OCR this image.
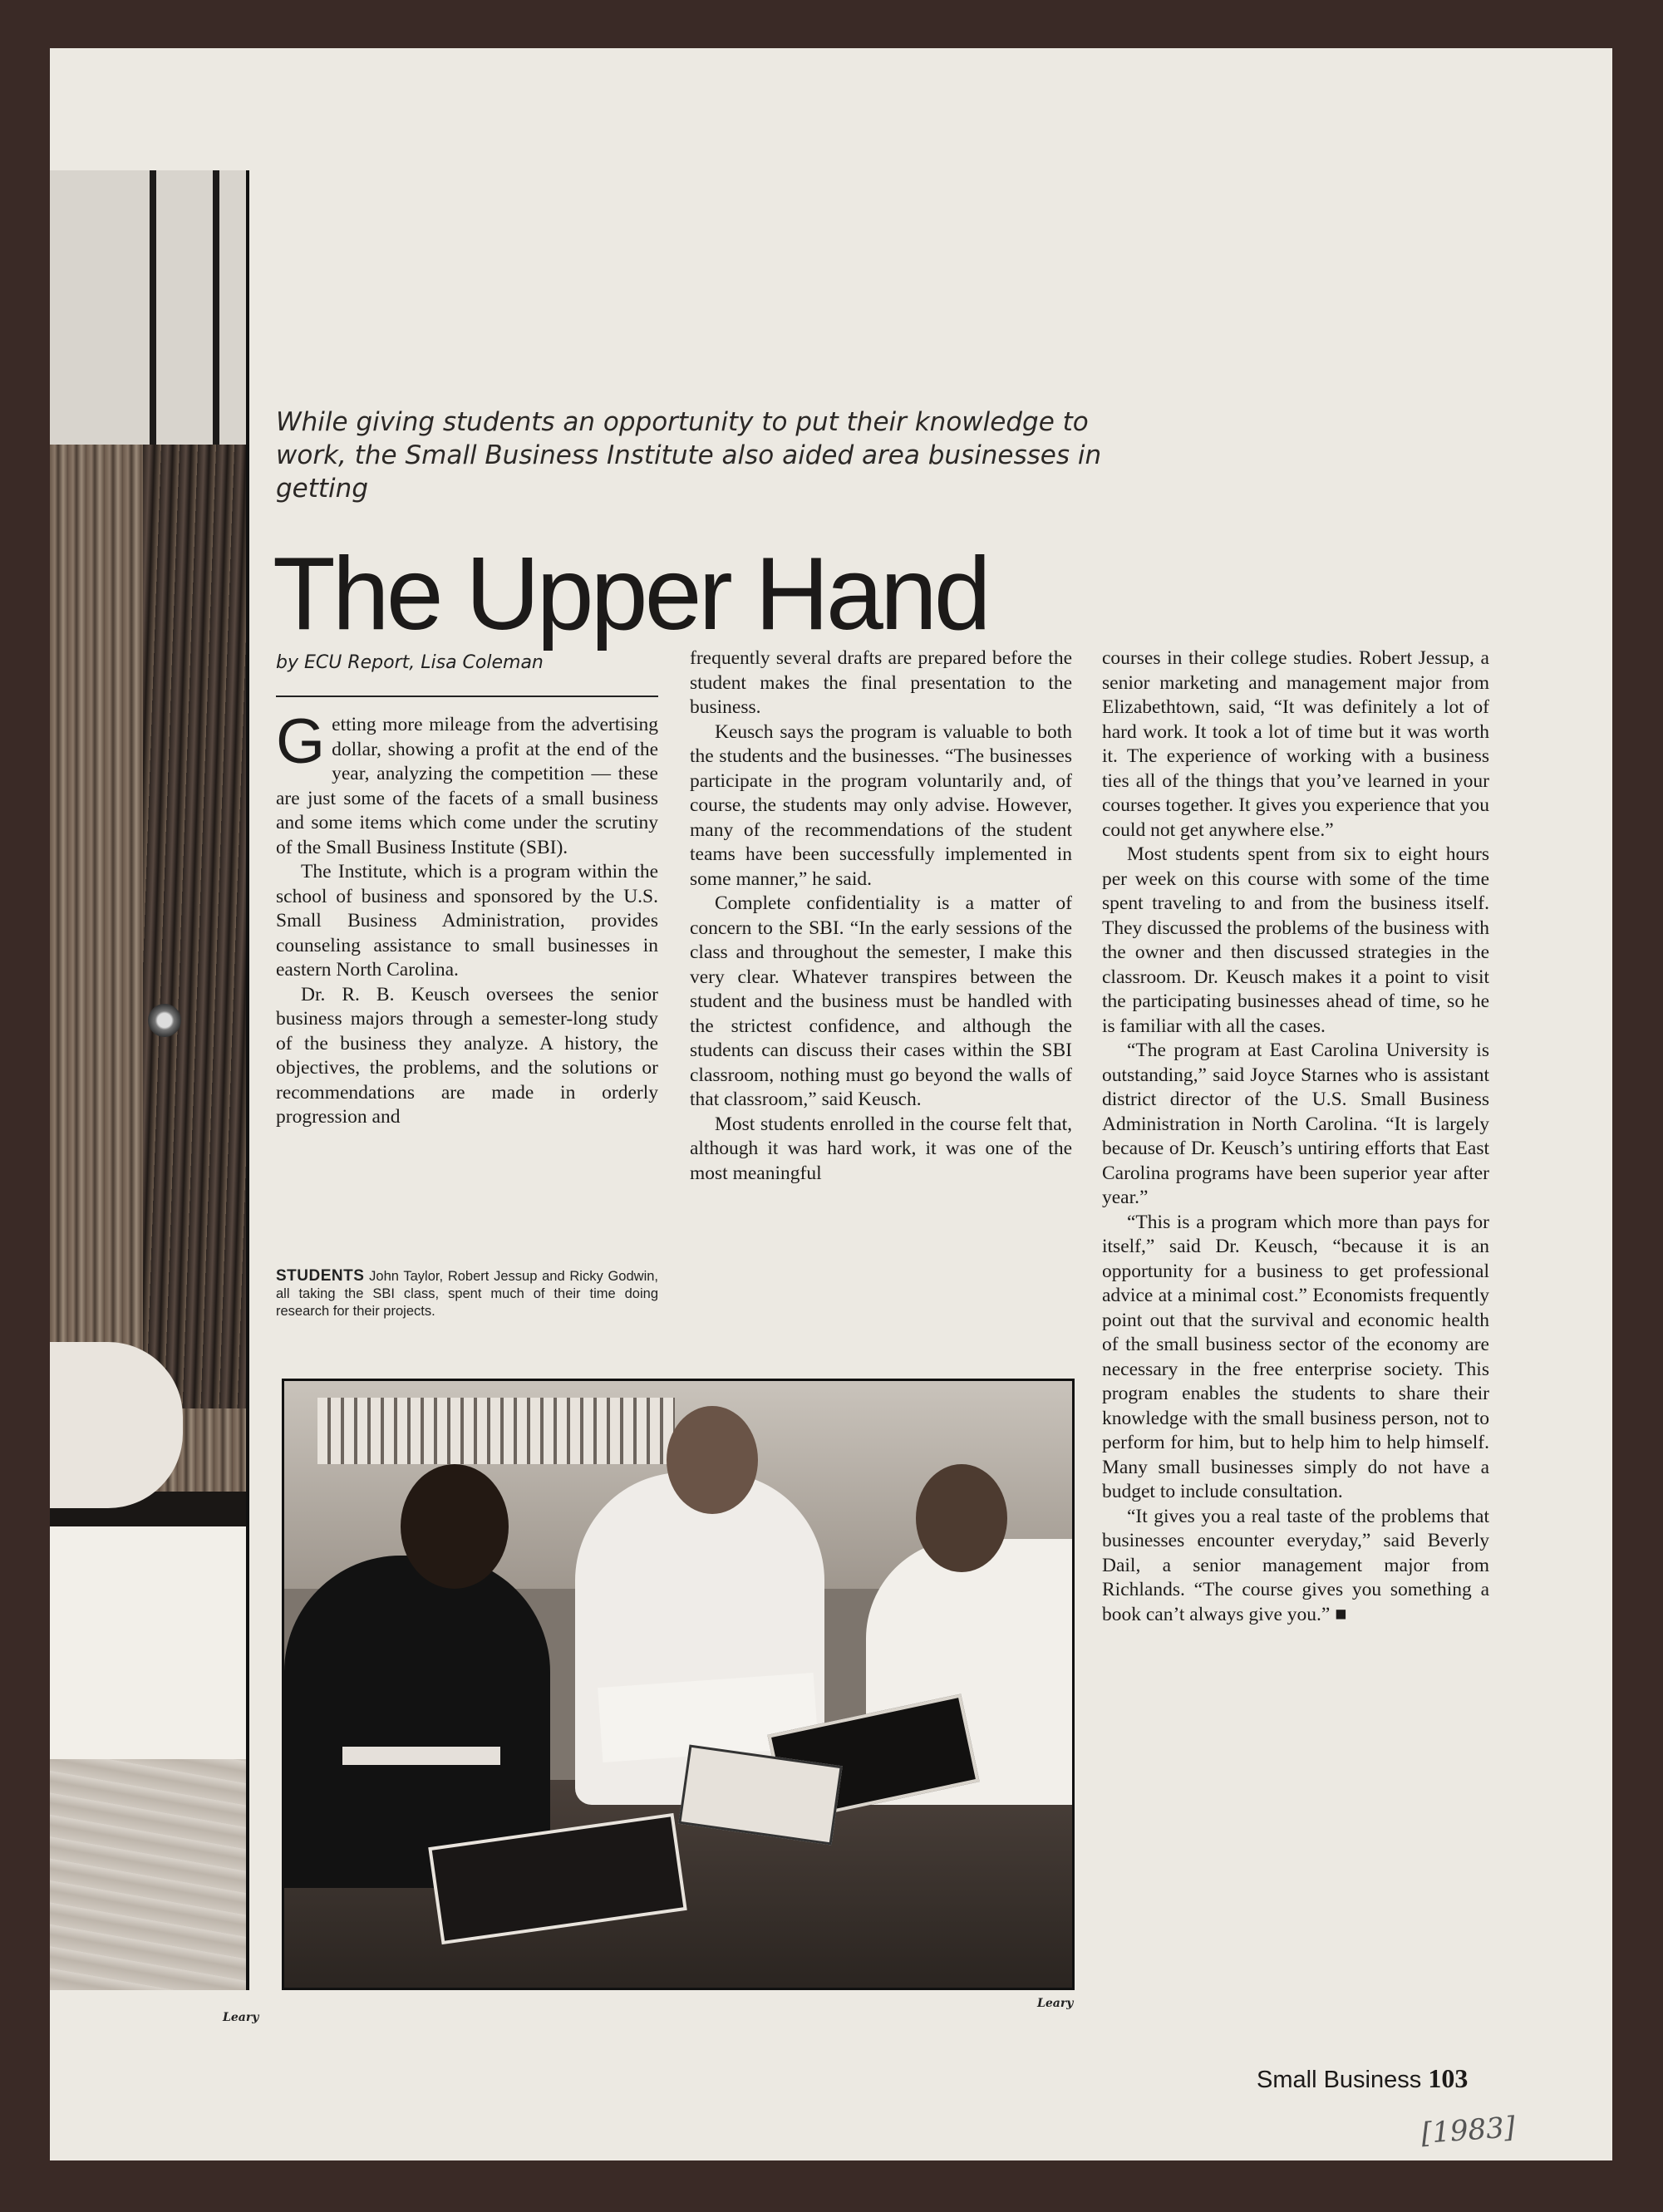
Leary
While giving students an opportunity to put their knowledge to work, the Small Business Institute also aided area businesses in getting
The Upper Hand
by ECU Report, Lisa Coleman

Getting more mileage from the advertising dollar, showing a profit at the end of the year, analyzing the competition — these are just some of the facets of a small business and some items which come under the scrutiny of the Small Business Institute (SBI).

The Institute, which is a program within the school of business and sponsored by the U.S. Small Business Administration, provides counseling assistance to small businesses in eastern North Carolina.

Dr. R. B. Keusch oversees the senior business majors through a semester-long study of the business they analyze. A history, the objectives, the problems, and the solutions or recommendations are made in orderly progression and

STUDENTS John Taylor, Robert Jessup and Ricky Godwin, all taking the SBI class, spent much of their time doing research for their projects.

frequently several drafts are prepared before the student makes the final presentation to the business.

Keusch says the program is valuable to both the students and the businesses. “The businesses participate in the program voluntarily and, of course, the students may only advise. However, many of the recommendations of the student teams have been successfully implemented in some manner,” he said.

Complete confidentiality is a matter of concern to the SBI. “In the early sessions of the class and throughout the semester, I make this very clear. Whatever transpires between the student and the business must be handled with the strictest confidence, and although the students can discuss their cases within the SBI classroom, nothing must go beyond the walls of that classroom,” said Keusch.

Most students enrolled in the course felt that, although it was hard work, it was one of the most meaningful

courses in their college studies. Robert Jessup, a senior marketing and management major from Elizabethtown, said, “It was definitely a lot of hard work. It took a lot of time but it was worth it. The experience of working with a business ties all of the things that you’ve learned in your courses together. It gives you experience that you could not get anywhere else.”

Most students spent from six to eight hours per week on this course with some of the time spent traveling to and from the business itself. They discussed the problems of the business with the owner and then discussed strategies in the classroom. Dr. Keusch makes it a point to visit the participating businesses ahead of time, so he is familiar with all the cases.

“The program at East Carolina University is outstanding,” said Joyce Starnes who is assistant district director of the U.S. Small Business Administration in North Carolina. “It is largely because of Dr. Keusch’s untiring efforts that East Carolina programs have been superior year after year.”

“This is a program which more than pays for itself,” said Dr. Keusch, “because it is an opportunity for a business to get professional advice at a minimal cost.” Economists frequently point out that the survival and economic health of the small business sector of the economy are necessary in the free enterprise society. This program enables the students to share their knowledge with the small business person, not to perform for him, but to help him to help himself. Many small businesses simply do not have a budget to include consultation.

“It gives you a real taste of the problems that businesses encounter everyday,” said Beverly Dail, a senior management major from Richlands. “The course gives you something a book can’t always give you.” ■

Leary
Small Business 103
[1983]
